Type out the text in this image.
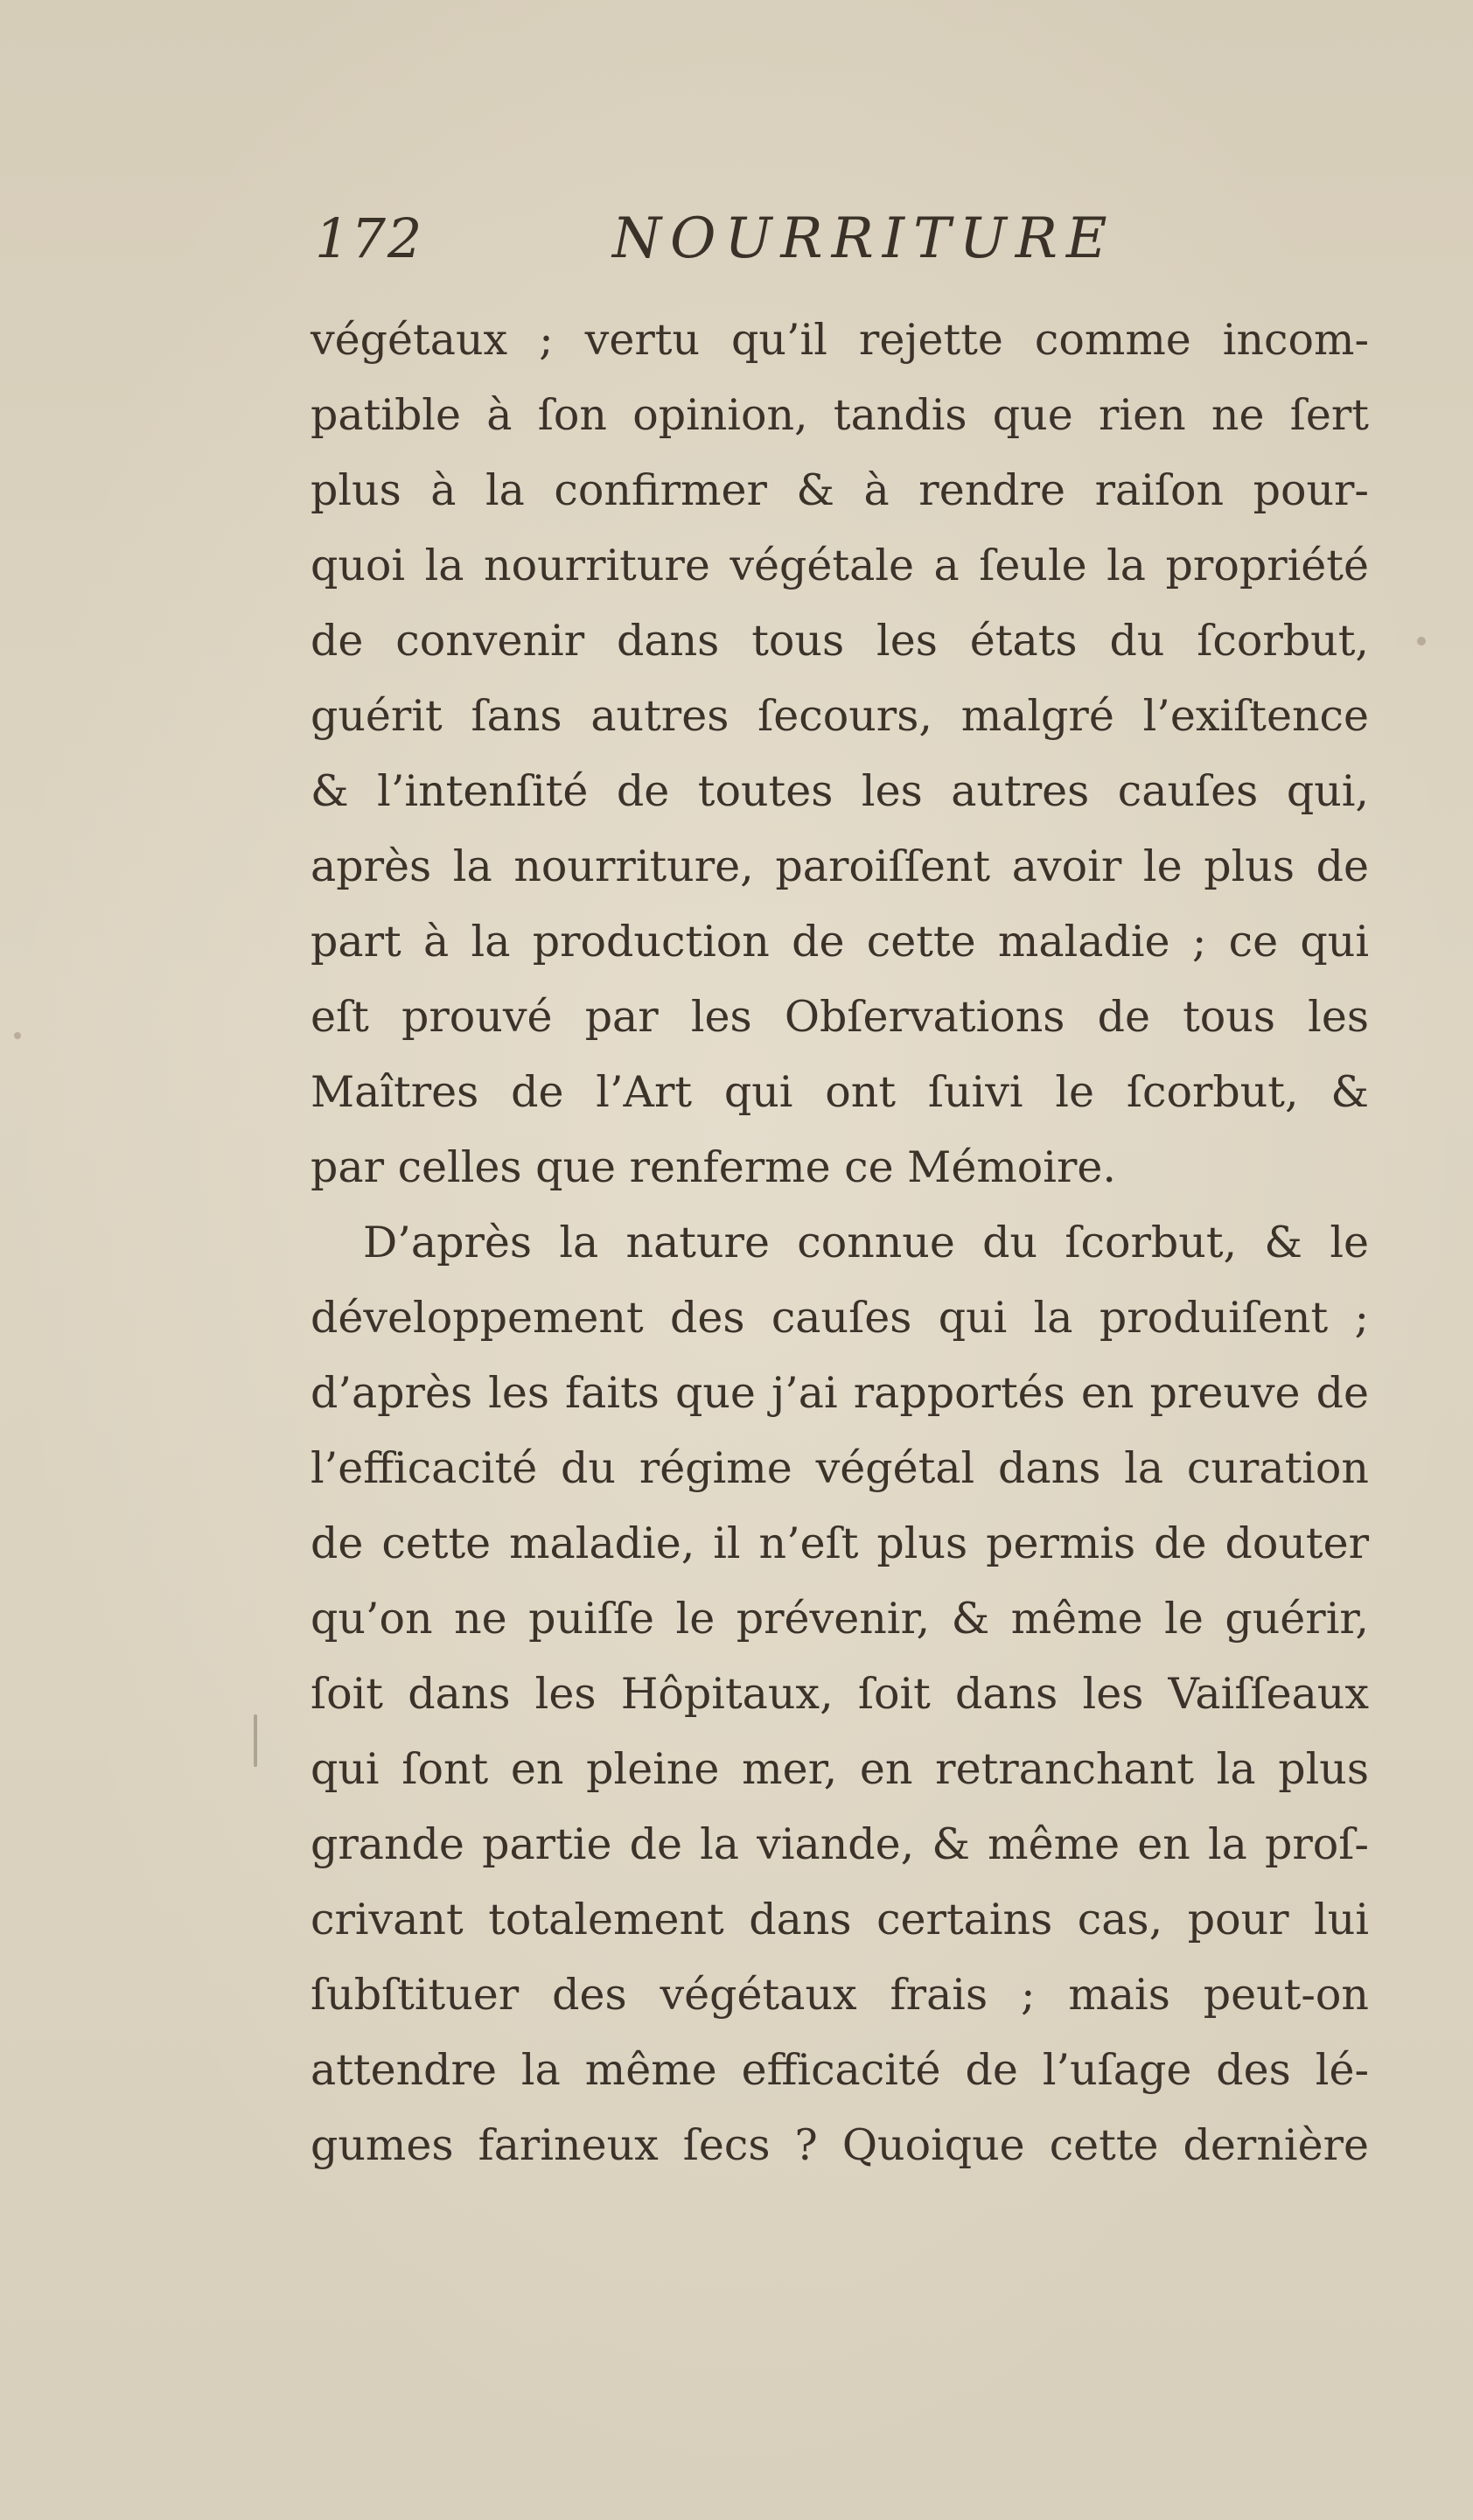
172	NOURRITURE
végétaux ; vertu qu’il rejette comme incom-
patible à ſon opinion, tandis que rien ne ſert
plus à la confirmer & à rendre raiſon pour-
quoi la nourriture végétale a ſeule la propriété
de convenir dans tous les états du ſcorbut,
guérit ſans autres ſecours, malgré l’exiſtence
& l’intenſité de toutes les autres cauſes qui,
après la nourriture, paroiſſent avoir le plus de
part à la production de cette maladie ; ce qui
eſt prouvé par les Obſervations de tous les
Maîtres de l’Art qui ont ſuivi le ſcorbut, &
par celles que renferme ce Mémoire.
D’après la nature connue du ſcorbut, & le
développement des cauſes qui la produiſent ;
d’après les faits que j’ai rapportés en preuve de
l’efficacité du régime végétal dans la curation
de cette maladie, il n’eſt plus permis de douter
qu’on ne puiſſe le prévenir, & même le guérir,
ſoit dans les Hôpitaux, ſoit dans les Vaiſſeaux
qui ſont en pleine mer, en retranchant la plus
grande partie de la viande, & même en la proſ-
crivant totalement dans certains cas, pour lui
ſubſtituer des végétaux frais ; mais peut-on
attendre la même efficacité de l’uſage des lé-
gumes farineux ſecs ? Quoique cette dernière
